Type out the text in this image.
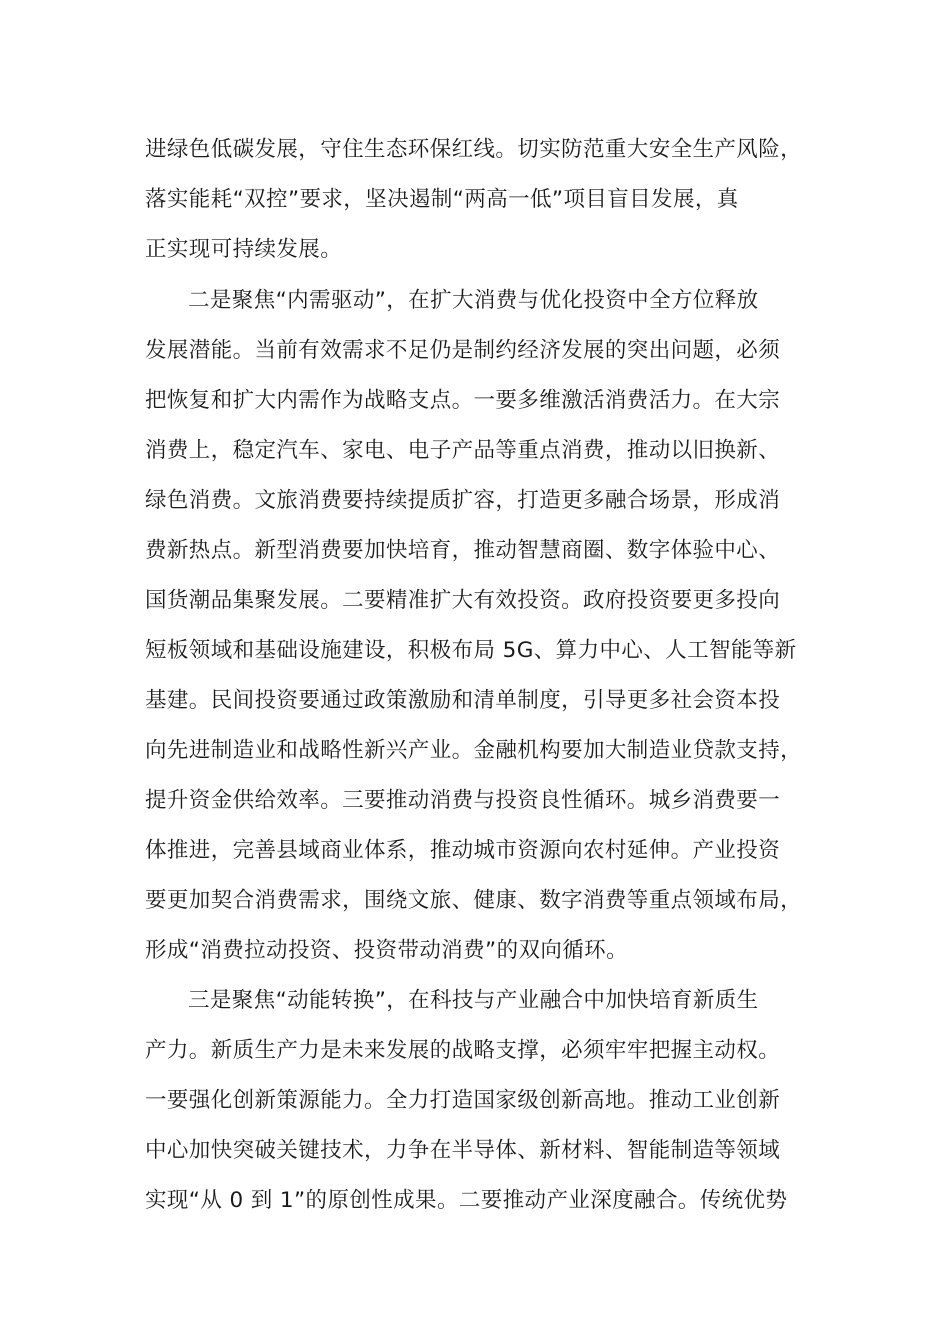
进绿色低碳发展，守住生态环保红线。切实防范重大安全生产风险，
落实能耗“双控”要求，坚决遏制“两高一低”项目盲目发展，真
正实现可持续发展。
二是聚焦“内需驱动”，在扩大消费与优化投资中全方位释放
发展潜能。当前有效需求不足仍是制约经济发展的突出问题，必须
把恢复和扩大内需作为战略支点。一要多维激活消费活力。在大宗
消费上，稳定汽车、家电、电子产品等重点消费，推动以旧换新、
绿色消费。文旅消费要持续提质扩容，打造更多融合场景，形成消
费新热点。新型消费要加快培育，推动智慧商圈、数字体验中心、
国货潮品集聚发展。二要精准扩大有效投资。政府投资要更多投向
短板领域和基础设施建设，积极布局 5G、算力中心、人工智能等新
基建。民间投资要通过政策激励和清单制度，引导更多社会资本投
向先进制造业和战略性新兴产业。金融机构要加大制造业贷款支持，
提升资金供给效率。三要推动消费与投资良性循环。城乡消费要一
体推进，完善县域商业体系，推动城市资源向农村延伸。产业投资
要更加契合消费需求，围绕文旅、健康、数字消费等重点领域布局，
形成“消费拉动投资、投资带动消费”的双向循环。
三是聚焦“动能转换”，在科技与产业融合中加快培育新质生
产力。新质生产力是未来发展的战略支撑，必须牢牢把握主动权。
一要强化创新策源能力。全力打造国家级创新高地。推动工业创新
中心加快突破关键技术，力争在半导体、新材料、智能制造等领域
实现“从 0 到 1”的原创性成果。二要推动产业深度融合。传统优势
